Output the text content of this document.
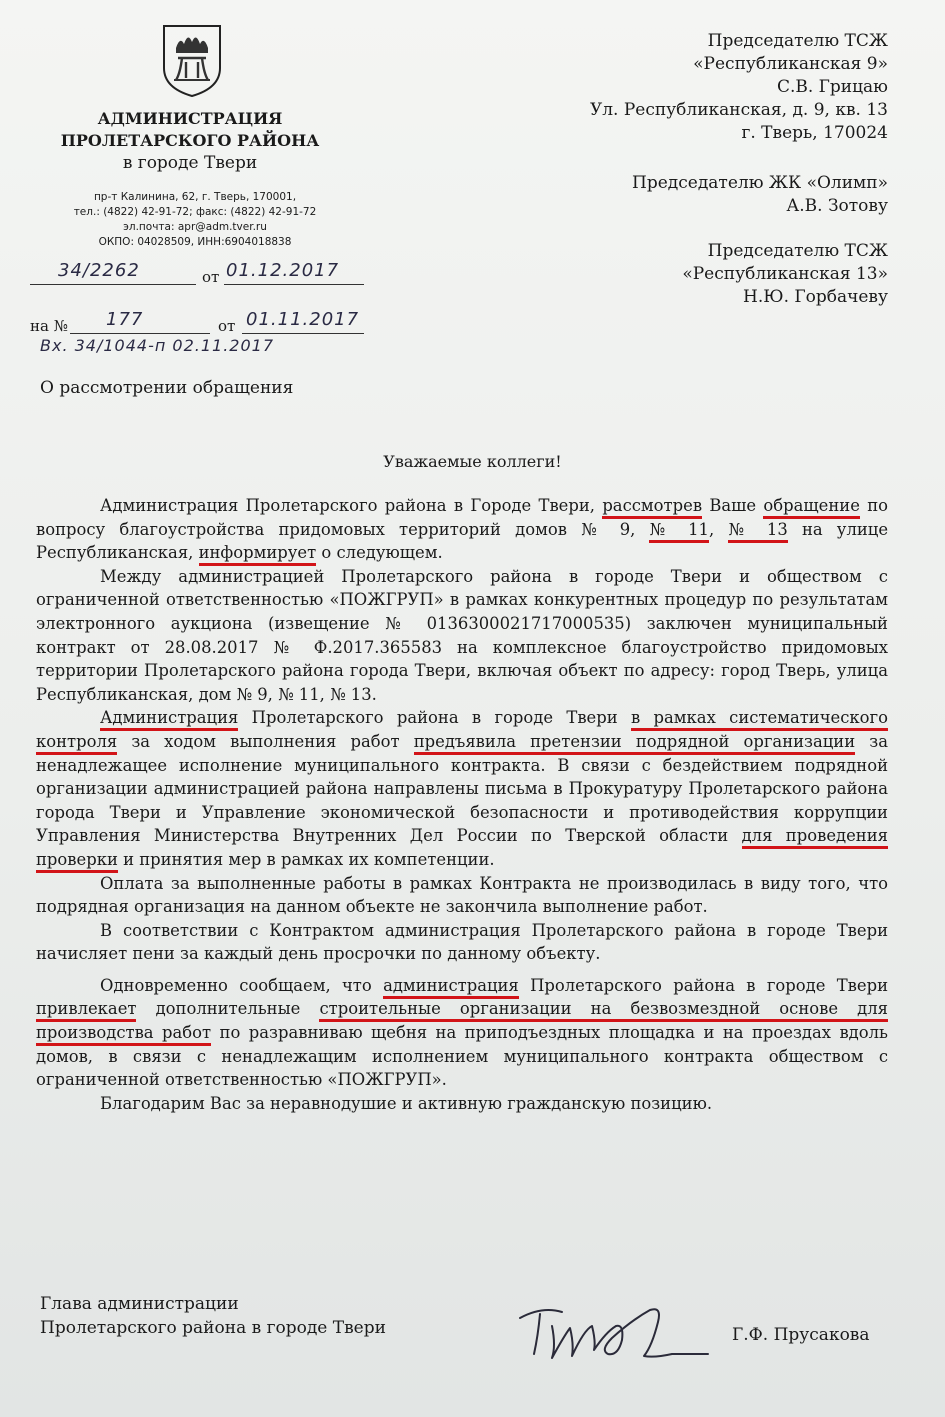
АДМИНИСТРАЦИЯ
ПРОЛЕТАРСКОГО РАЙОНА
в городе Твери
пр-т Калинина, 62, г. Тверь, 170001,
тел.: (4822) 42-91-72; факс: (4822) 42-91-72
эл.почта: apr@adm.tver.ru
ОКПО: 04028509, ИНН:6904018838
34/2262	от 01.12.2017
на № 177	от 01.11.2017
Вх. 34/1044-п 02.11.2017
О рассмотрении обращения
Председателю ТСЖ
«Республиканская 9»
С.В. Грицаю
Ул. Республиканская, д. 9, кв. 13
г. Тверь, 170024
Председателю ЖК «Олимп»
А.В. Зотову
Председателю ТСЖ
«Республиканская 13»
Н.Ю. Горбачеву
Уважаемые коллеги!

Администрация Пролетарского района в Городе Твери, рассмотрев Ваше обращение по вопросу благоустройства придомовых территорий домов № 9, № 11, № 13 на улице Республиканская, информирует о следующем.

Между администрацией Пролетарского района в городе Твери и обществом с ограниченной ответственностью «ПОЖГРУП» в рамках конкурентных процедур по результатам электронного аукциона (извещение № 0136300021717000535) заключен муниципальный контракт от 28.08.2017 № Ф.2017.365583 на комплексное благоустройство придомовых территории Пролетарского района города Твери, включая объект по адресу: город Тверь, улица Республиканская, дом № 9, № 11, № 13.

Администрация Пролетарского района в городе Твери в рамках систематического контроля за ходом выполнения работ предъявила претензии подрядной организации за ненадлежащее исполнение муниципального контракта. В связи с бездействием подрядной организации администрацией района направлены письма в Прокуратуру Пролетарского района города Твери и Управление экономической безопасности и противодействия коррупции Управления Министерства Внутренних Дел России по Тверской области для проведения проверки и принятия мер в рамках их компетенции.

Оплата за выполненные работы в рамках Контракта не производилась в виду того, что подрядная организация на данном объекте не закончила выполнение работ.

В соответствии с Контрактом администрация Пролетарского района в городе Твери начисляет пени за каждый день просрочки по данному объекту.

Одновременно сообщаем, что администрация Пролетарского района в городе Твери привлекает дополнительные строительные организации на безвозмездной основе для производства работ по разравниваю щебня на приподъездных площадка и на проездах вдоль домов, в связи с ненадлежащим исполнением муниципального контракта обществом с ограниченной ответственностью «ПОЖГРУП».

Благодарим Вас за неравнодушие и активную гражданскую позицию.

Глава администрации
Пролетарского района в городе Твери	Г.Ф. Прусакова
